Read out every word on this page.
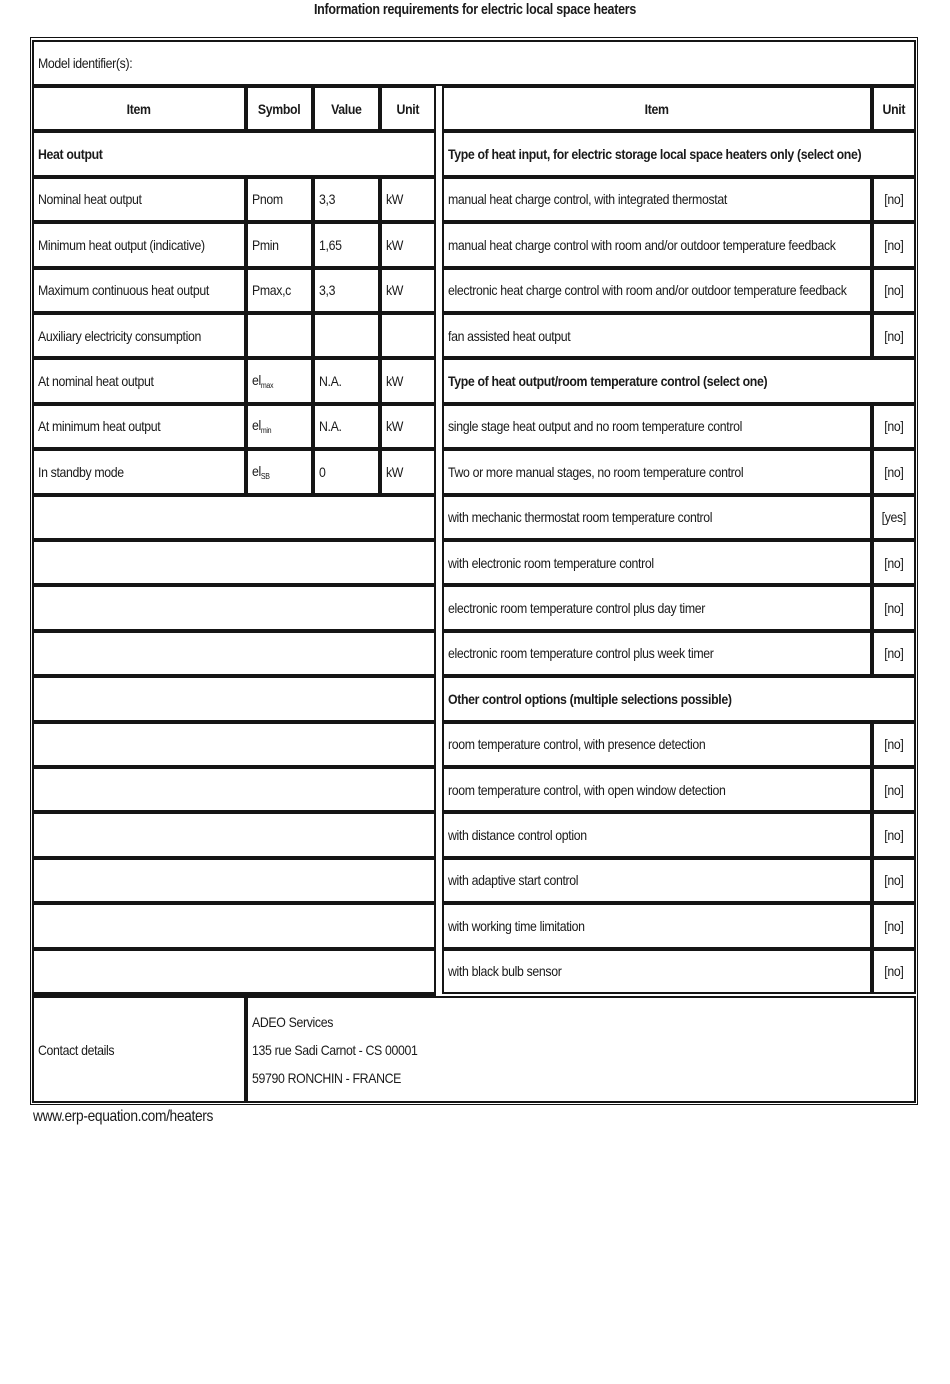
Information requirements for electric local space heaters
Model identifier(s):
Item	Symbol Value	Unit	Item	Unit
Heat output
Nominal heat output	Pnom	3,3	kW
Minimum heat output (indicative)	Pmin	1,65	kW
Maximum continuous heat output	Pmax,c 3,3	kW
Auxiliary electricity consumption
At nominal heat output	$el_{max}$	N.A.	kW
At minimum heat output	$el_{min}$	N.A.	kW
In standby mode	$el_{SB}$	0	kW
Type of heat input, for electric storage local space heaters only (select one)
manual heat charge control, with integrated thermostat	[no]
manual heat charge control with room and/or outdoor temperature feedback	[no]
electronic heat charge control with room and/or outdoor temperature feedback	[no]
fan assisted heat output	[no]
Type of heat output/room temperature control (select one)
single stage heat output and no room temperature control	[no]
Two or more manual stages, no room temperature control	[no]
with mechanic thermostat room temperature control	[yes]
with electronic room temperature control	[no]
electronic room temperature control plus day timer	[no]
electronic room temperature control plus week timer	[no]
Other control options (multiple selections possible)
room temperature control, with presence detection	[no]
room temperature control, with open window detection	[no]
with distance control option	[no]
with adaptive start control	[no]
with working time limitation	[no]
with black bulb sensor	[no]
Contact details
ADEO Services
135 rue Sadi Carnot - CS 00001
59790 RONCHIN - FRANCE
www.erp-equation.com/heaters
